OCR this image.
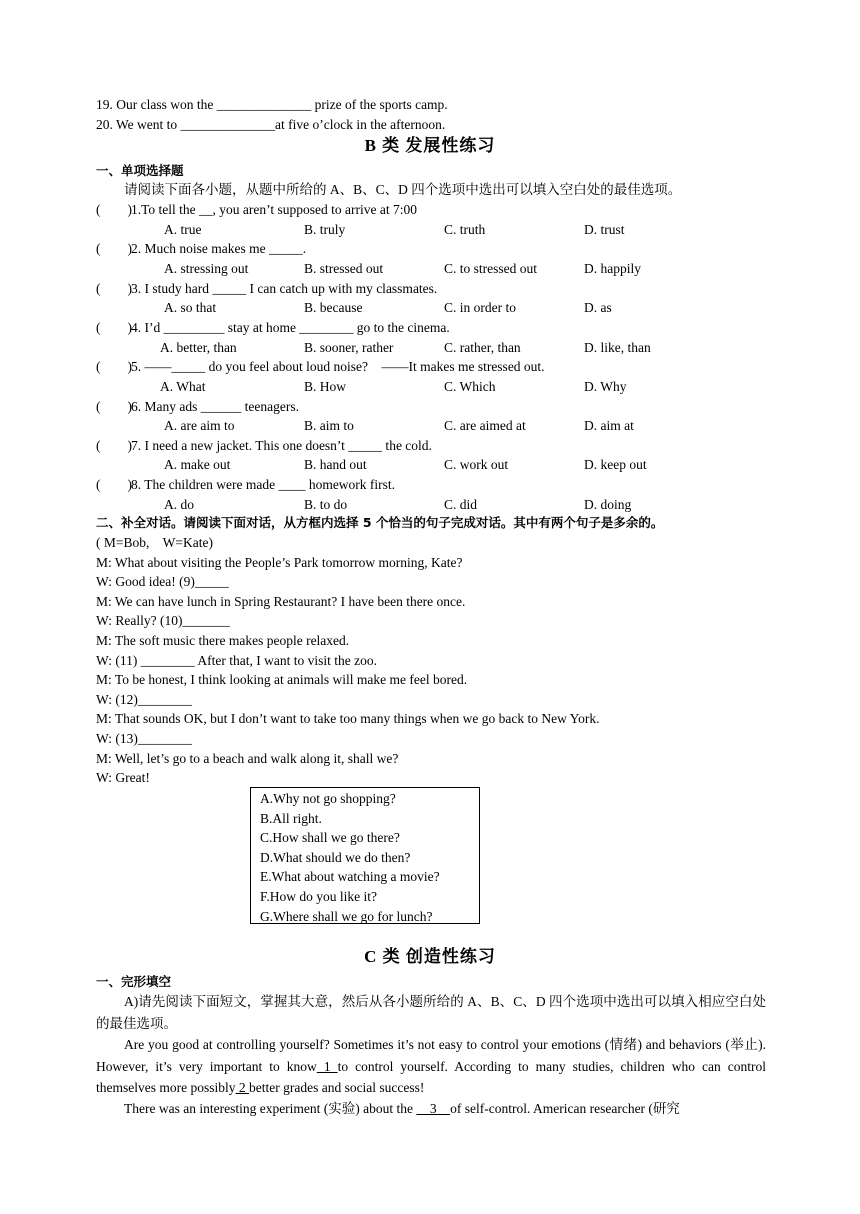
19. Our class won the ______________ prize of the sports camp.
20. We went to ______________at five o’clock in the afternoon.
B 类 发展性练习
一、单项选择题
请阅读下面各小题，从题中所给的 A、B、C、D 四个选项中选出可以填入空白处的最佳选项。
(        ) 1.To tell the __, you aren’t supposed to arrive at 7:00
A. true	B. truly	C. truth	D. trust
(        ) 2. Much noise makes me _____.
A. stressing out	B. stressed out	C. to stressed out	D. happily
(        ) 3. I study hard _____ I can catch up with my classmates.
A. so that	B. because	C. in order to	D. as
(        ) 4. I’d _________ stay at home ________ go to the cinema.
A. better, than	B. sooner, rather	C. rather, than	D. like, than
(        ) 5. ——_____ do you feel about loud noise?    ——It makes me stressed out.
A. What	B. How	C. Which	D. Why
(        ) 6. Many ads ______ teenagers.
A. are aim to	B. aim to	C. are aimed at	D. aim at
(        ) 7. I need a new jacket. This one doesn’t _____ the cold.
A. make out	B. hand out	C. work out	D. keep out
(        ) 8. The children were made ____ homework first.
A. do	B. to do	C. did	D. doing
二、补全对话。请阅读下面对话，从方框内选择 5 个恰当的句子完成对话。其中有两个句子是多余的。
( M=Bob,    W=Kate)
M: What about visiting the People’s Park tomorrow morning, Kate?
W: Good idea! (9)_____
M: We can have lunch in Spring Restaurant? I have been there once.
W: Really? (10)_______
M: The soft music there makes people relaxed.
W: (11) ________ After that, I want to visit the zoo.
M: To be honest, I think looking at animals will make me feel bored.
W: (12)________
M: That sounds OK, but I don’t want to take too many things when we go back to New York.
W: (13)________
M: Well, let’s go to a beach and walk along it, shall we?
W: Great!
A.Why not go shopping?
B.All right.
C.How shall we go there?
D.What should we do then?
E.What about watching a movie?
F.How do you like it?
G.Where shall we go for lunch?
C 类 创造性练习
一、完形填空
A)请先阅读下面短文，掌握其大意，然后从各小题所给的 A、B、C、D 四个选项中选出可以填入相应空白处的最佳选项。
Are you good at controlling yourself? Sometimes it’s not easy to control your emotions (情绪) and behaviors (举止). However, it’s very important to know 1 to control yourself. According to many studies, children who can control themselves more possibly 2 better grades and social success!
There was an interesting experiment (实验) about the     3    of self-control. American researcher (研究
